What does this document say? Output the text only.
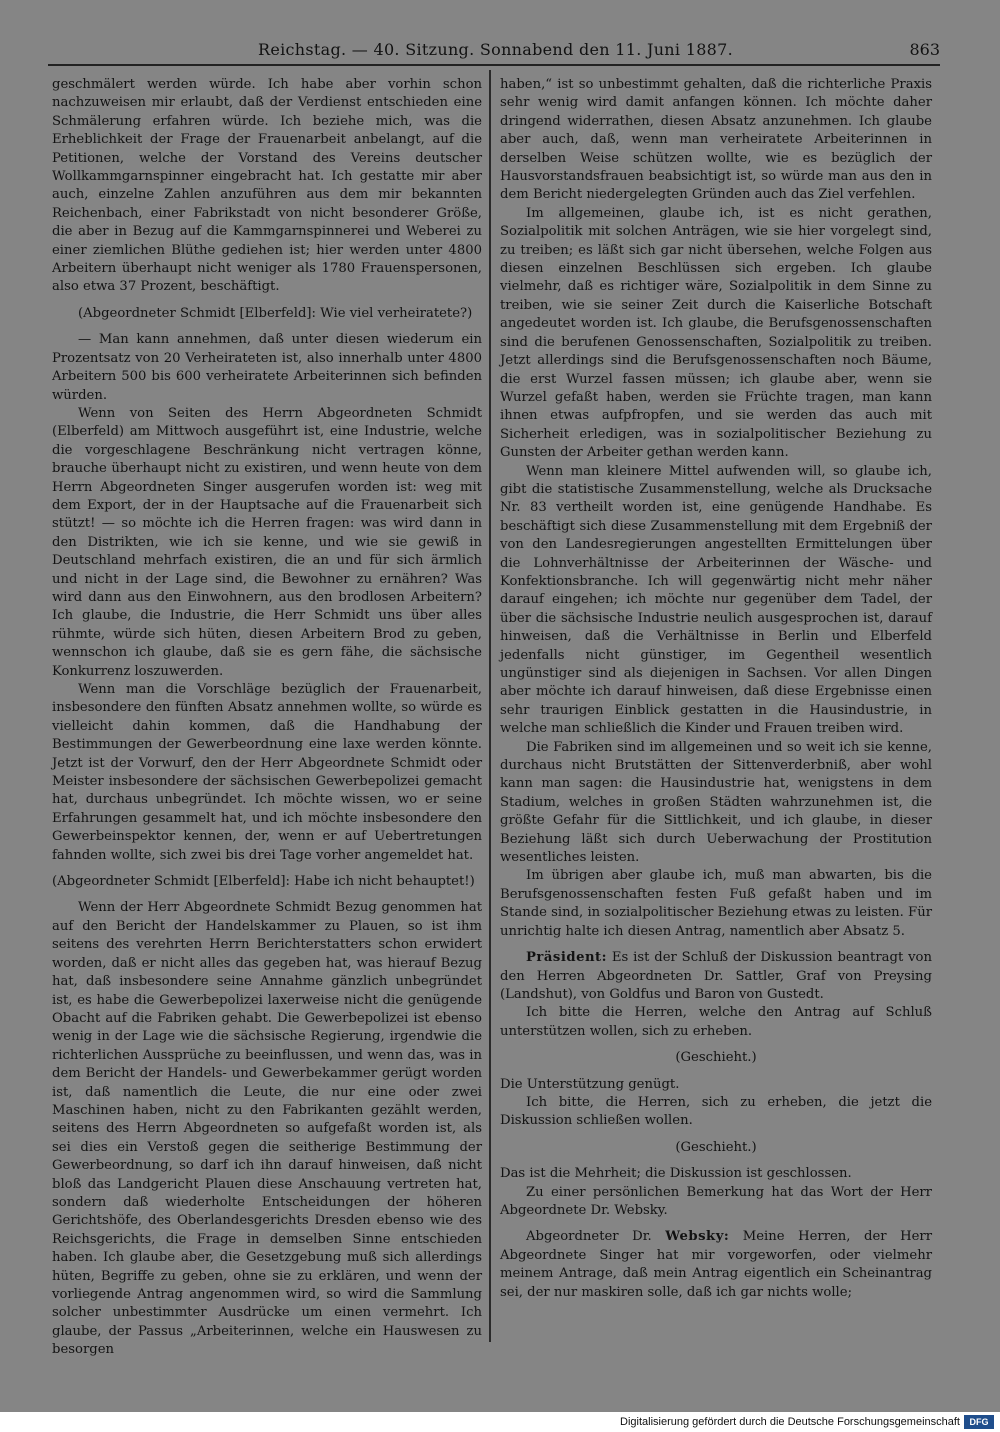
Reichstag. — 40. Sitzung. Sonnabend den 11. Juni 1887.	863

geschmälert werden würde. Ich habe aber vorhin schon nachzuweisen mir erlaubt, daß der Verdienst entschieden eine Schmälerung erfahren würde. Ich beziehe mich, was die Erheblichkeit der Frage der Frauenarbeit anbelangt, auf die Petitionen, welche der Vorstand des Vereins deutscher Wollkammgarnspinner eingebracht hat. Ich gestatte mir aber auch, einzelne Zahlen anzuführen aus dem mir bekannten Reichenbach, einer Fabrikstadt von nicht besonderer Größe, die aber in Bezug auf die Kammgarnspinnerei und Weberei zu einer ziemlichen Blüthe gediehen ist; hier werden unter 4800 Arbeitern überhaupt nicht weniger als 1780 Frauenspersonen, also etwa 37 Prozent, beschäftigt.

(Abgeordneter Schmidt [Elberfeld]: Wie viel verheiratete?)

— Man kann annehmen, daß unter diesen wiederum ein Prozentsatz von 20 Verheirateten ist, also innerhalb unter 4800 Arbeitern 500 bis 600 verheiratete Arbeiterinnen sich befinden würden.

Wenn von Seiten des Herrn Abgeordneten Schmidt (Elberfeld) am Mittwoch ausgeführt ist, eine Industrie, welche die vorgeschlagene Beschränkung nicht vertragen könne, brauche überhaupt nicht zu existiren, und wenn heute von dem Herrn Abgeordneten Singer ausgerufen worden ist: weg mit dem Export, der in der Hauptsache auf die Frauenarbeit sich stützt! — so möchte ich die Herren fragen: was wird dann in den Distrikten, wie ich sie kenne, und wie sie gewiß in Deutschland mehrfach existiren, die an und für sich ärmlich und nicht in der Lage sind, die Bewohner zu ernähren? Was wird dann aus den Einwohnern, aus den brodlosen Arbeitern? Ich glaube, die Industrie, die Herr Schmidt uns über alles rühmte, würde sich hüten, diesen Arbeitern Brod zu geben, wennschon ich glaube, daß sie es gern fähe, die sächsische Konkurrenz loszuwerden.

Wenn man die Vorschläge bezüglich der Frauenarbeit, insbesondere den fünften Absatz annehmen wollte, so würde es vielleicht dahin kommen, daß die Handhabung der Bestimmungen der Gewerbeordnung eine laxe werden könnte. Jetzt ist der Vorwurf, den der Herr Abgeordnete Schmidt oder Meister insbesondere der sächsischen Gewerbepolizei gemacht hat, durchaus unbegründet. Ich möchte wissen, wo er seine Erfahrungen gesammelt hat, und ich möchte insbesondere den Gewerbeinspektor kennen, der, wenn er auf Uebertretungen fahnden wollte, sich zwei bis drei Tage vorher angemeldet hat.

(Abgeordneter Schmidt [Elberfeld]: Habe ich nicht behauptet!)

Wenn der Herr Abgeordnete Schmidt Bezug genommen hat auf den Bericht der Handelskammer zu Plauen, so ist ihm seitens des verehrten Herrn Berichterstatters schon erwidert worden, daß er nicht alles das gegeben hat, was hierauf Bezug hat, daß insbesondere seine Annahme gänzlich unbegründet ist, es habe die Gewerbepolizei laxerweise nicht die genügende Obacht auf die Fabriken gehabt. Die Gewerbepolizei ist ebenso wenig in der Lage wie die sächsische Regierung, irgendwie die richterlichen Aussprüche zu beeinflussen, und wenn das, was in dem Bericht der Handels- und Gewerbekammer gerügt worden ist, daß namentlich die Leute, die nur eine oder zwei Maschinen haben, nicht zu den Fabrikanten gezählt werden, seitens des Herrn Abgeordneten so aufgefaßt worden ist, als sei dies ein Verstoß gegen die seitherige Bestimmung der Gewerbeordnung, so darf ich ihn darauf hinweisen, daß nicht bloß das Landgericht Plauen diese Anschauung vertreten hat, sondern daß wiederholte Entscheidungen der höheren Gerichtshöfe, des Oberlandesgerichts Dresden ebenso wie des Reichsgerichts, die Frage in demselben Sinne entschieden haben. Ich glaube aber, die Gesetzgebung muß sich allerdings hüten, Begriffe zu geben, ohne sie zu erklären, und wenn der vorliegende Antrag angenommen wird, so wird die Sammlung solcher unbestimmter Ausdrücke um einen vermehrt. Ich glaube, der Passus „Arbeiterinnen, welche ein Hauswesen zu besorgen

haben,“ ist so unbestimmt gehalten, daß die richterliche Praxis sehr wenig wird damit anfangen können. Ich möchte daher dringend widerrathen, diesen Absatz anzunehmen. Ich glaube aber auch, daß, wenn man verheiratete Arbeiterinnen in derselben Weise schützen wollte, wie es bezüglich der Hausvorstandsfrauen beabsichtigt ist, so würde man aus den in dem Bericht niedergelegten Gründen auch das Ziel verfehlen.

Im allgemeinen, glaube ich, ist es nicht gerathen, Sozialpolitik mit solchen Anträgen, wie sie hier vorgelegt sind, zu treiben; es läßt sich gar nicht übersehen, welche Folgen aus diesen einzelnen Beschlüssen sich ergeben. Ich glaube vielmehr, daß es richtiger wäre, Sozialpolitik in dem Sinne zu treiben, wie sie seiner Zeit durch die Kaiserliche Botschaft angedeutet worden ist. Ich glaube, die Berufsgenossenschaften sind die berufenen Genossenschaften, Sozialpolitik zu treiben. Jetzt allerdings sind die Berufsgenossenschaften noch Bäume, die erst Wurzel fassen müssen; ich glaube aber, wenn sie Wurzel gefaßt haben, werden sie Früchte tragen, man kann ihnen etwas aufpfropfen, und sie werden das auch mit Sicherheit erledigen, was in sozialpolitischer Beziehung zu Gunsten der Arbeiter gethan werden kann.

Wenn man kleinere Mittel aufwenden will, so glaube ich, gibt die statistische Zusammenstellung, welche als Drucksache Nr. 83 vertheilt worden ist, eine genügende Handhabe. Es beschäftigt sich diese Zusammenstellung mit dem Ergebniß der von den Landesregierungen angestellten Ermittelungen über die Lohnverhältnisse der Arbeiterinnen der Wäsche- und Konfektionsbranche. Ich will gegenwärtig nicht mehr näher darauf eingehen; ich möchte nur gegenüber dem Tadel, der über die sächsische Industrie neulich ausgesprochen ist, darauf hinweisen, daß die Verhältnisse in Berlin und Elberfeld jedenfalls nicht günstiger, im Gegentheil wesentlich ungünstiger sind als diejenigen in Sachsen. Vor allen Dingen aber möchte ich darauf hinweisen, daß diese Ergebnisse einen sehr traurigen Einblick gestatten in die Hausindustrie, in welche man schließlich die Kinder und Frauen treiben wird.

Die Fabriken sind im allgemeinen und so weit ich sie kenne, durchaus nicht Brutstätten der Sittenverderbniß, aber wohl kann man sagen: die Hausindustrie hat, wenigstens in dem Stadium, welches in großen Städten wahrzunehmen ist, die größte Gefahr für die Sittlichkeit, und ich glaube, in dieser Beziehung läßt sich durch Ueberwachung der Prostitution wesentliches leisten.

Im übrigen aber glaube ich, muß man abwarten, bis die Berufsgenossenschaften festen Fuß gefaßt haben und im Stande sind, in sozialpolitischer Beziehung etwas zu leisten. Für unrichtig halte ich diesen Antrag, namentlich aber Absatz 5.

Präsident: Es ist der Schluß der Diskussion beantragt von den Herren Abgeordneten Dr. Sattler, Graf von Preysing (Landshut), von Goldfus und Baron von Gustedt.

Ich bitte die Herren, welche den Antrag auf Schluß unterstützen wollen, sich zu erheben.

(Geschieht.)

Die Unterstützung genügt.

Ich bitte, die Herren, sich zu erheben, die jetzt die Diskussion schließen wollen.

(Geschieht.)

Das ist die Mehrheit; die Diskussion ist geschlossen.

Zu einer persönlichen Bemerkung hat das Wort der Herr Abgeordnete Dr. Websky.

Abgeordneter Dr. Websky: Meine Herren, der Herr Abgeordnete Singer hat mir vorgeworfen, oder vielmehr meinem Antrage, daß mein Antrag eigentlich ein Scheinantrag sei, der nur maskiren solle, daß ich gar nichts wolle;

Digitalisierung gefördert durch die Deutsche Forschungsgemeinschaft	DFG
